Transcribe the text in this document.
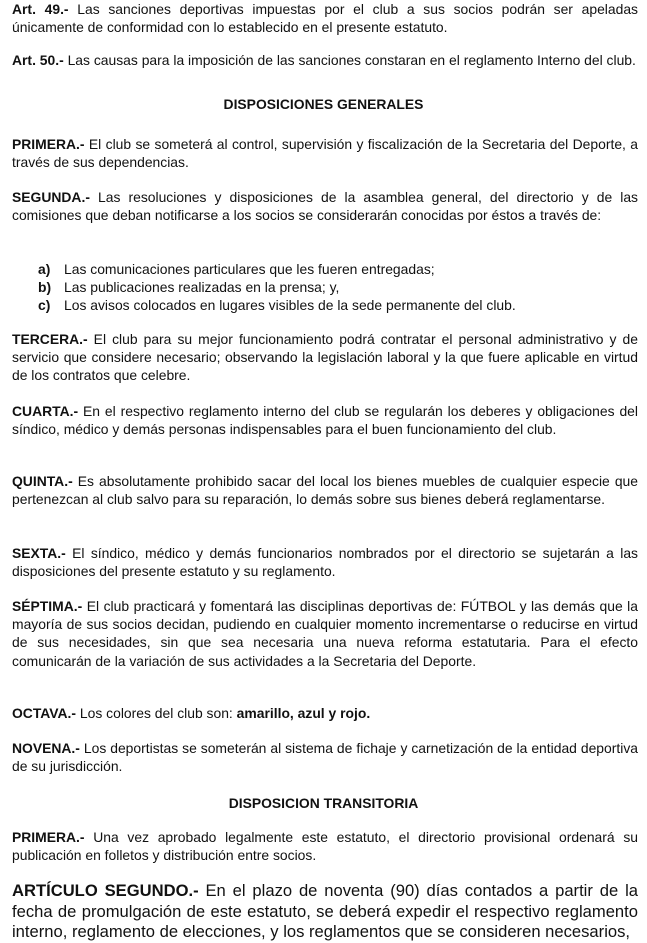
Art. 49.- Las sanciones deportivas impuestas por el club a sus socios podrán ser apeladas únicamente de conformidad con lo establecido en el presente estatuto.

Art. 50.- Las causas para la imposición de las sanciones constaran en el reglamento Interno del club.

DISPOSICIONES GENERALES

PRIMERA.- El club se someterá al control, supervisión y fiscalización de la Secretaria del Deporte, a través de sus dependencias.

SEGUNDA.- Las resoluciones y disposiciones de la asamblea general, del directorio y de las comisiones que deban notificarse a los socios se considerarán conocidas por éstos a través de:

a) Las comunicaciones particulares que les fueren entregadas;
b) Las publicaciones realizadas en la prensa; y,
c) Los avisos colocados en lugares visibles de la sede permanente del club.

TERCERA.- El club para su mejor funcionamiento podrá contratar el personal administrativo y de servicio que considere necesario; observando la legislación laboral y la que fuere aplicable en virtud de los contratos que celebre.

CUARTA.- En el respectivo reglamento interno del club se regularán los deberes y obligaciones del síndico, médico y demás personas indispensables para el buen funcionamiento del club.

QUINTA.- Es absolutamente prohibido sacar del local los bienes muebles de cualquier especie que pertenezcan al club salvo para su reparación, lo demás sobre sus bienes deberá reglamentarse.

SEXTA.- El síndico, médico y demás funcionarios nombrados por el directorio se sujetarán a las disposiciones del presente estatuto y su reglamento.

SÉPTIMA.- El club practicará y fomentará las disciplinas deportivas de: FÚTBOL y las demás que la mayoría de sus socios decidan, pudiendo en cualquier momento incrementarse o reducirse en virtud de sus necesidades, sin que sea necesaria una nueva reforma estatutaria. Para el efecto comunicarán de la variación de sus actividades a la Secretaria del Deporte.

OCTAVA.- Los colores del club son: amarillo, azul y rojo.

NOVENA.- Los deportistas se someterán al sistema de fichaje y carnetización de la entidad deportiva de su jurisdicción.

DISPOSICION TRANSITORIA

PRIMERA.- Una vez aprobado legalmente este estatuto, el directorio provisional ordenará su publicación en folletos y distribución entre socios.

ARTÍCULO SEGUNDO.- En el plazo de noventa (90) días contados a partir de la fecha de promulgación de este estatuto, se deberá expedir el respectivo reglamento interno, reglamento de elecciones, y los reglamentos que se consideren necesarios,
